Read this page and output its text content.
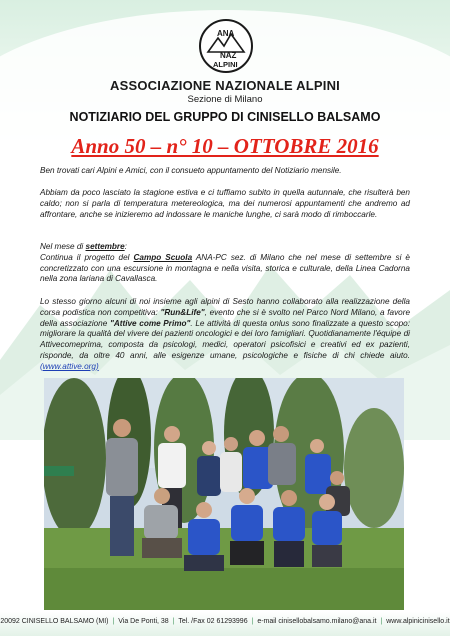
ANA
NAZ
ALPINI
ASSOCIAZIONE NAZIONALE ALPINI
Sezione di Milano
NOTIZIARIO DEL GRUPPO DI CINISELLO BALSAMO
Anno 50 – n° 10 – OTTOBRE 2016
Ben trovati cari Alpini e Amici, con il consueto appuntamento del Notiziario mensile.
Abbiam da poco lasciato la stagione estiva e ci tuffiamo subito in quella autunnale, che risulterà ben caldo; non si parla di temperatura metereologica, ma dei numerosi appuntamenti che andremo ad affrontare, anche se inizieremo ad indossare le maniche lunghe, ci sarà modo di rimboccarle.
Nel mese di settembre:
Continua il progetto del Campo Scuola ANA-PC sez. di Milano che nel mese di settembre si è concretizzato con una escursione in montagna e nella visita, storica e culturale, della Linea Cadorna nella zona lariana di Cavallasca.
Lo stesso giorno alcuni di noi insieme agli alpini di Sesto hanno collaborato alla realizzazione della corsa podistica non competitiva: "Run&Life", evento che si è svolto nel Parco Nord Milano, a favore della associazione "Attive come Primo". Le attività di questa onlus sono finalizzate a questo scopo: migliorare la qualità del vivere dei pazienti oncologici e dei loro famigliari. Quotidianamente l'équipe di Attivecomeprima, composta da psicologi, medici, operatori psicofisici e creativi ed ex pazienti, risponde, da oltre 40 anni, alle esigenze umane, psicologiche e fisiche di chi chiede aiuto. (www.attive.org)
20092 CINISELLO BALSAMO (MI) | Via De Ponti, 38 | Tel. /Fax 02 61293996 | e-mail cinisellobalsamo.milano@ana.it | www.alpinicinisello.it
